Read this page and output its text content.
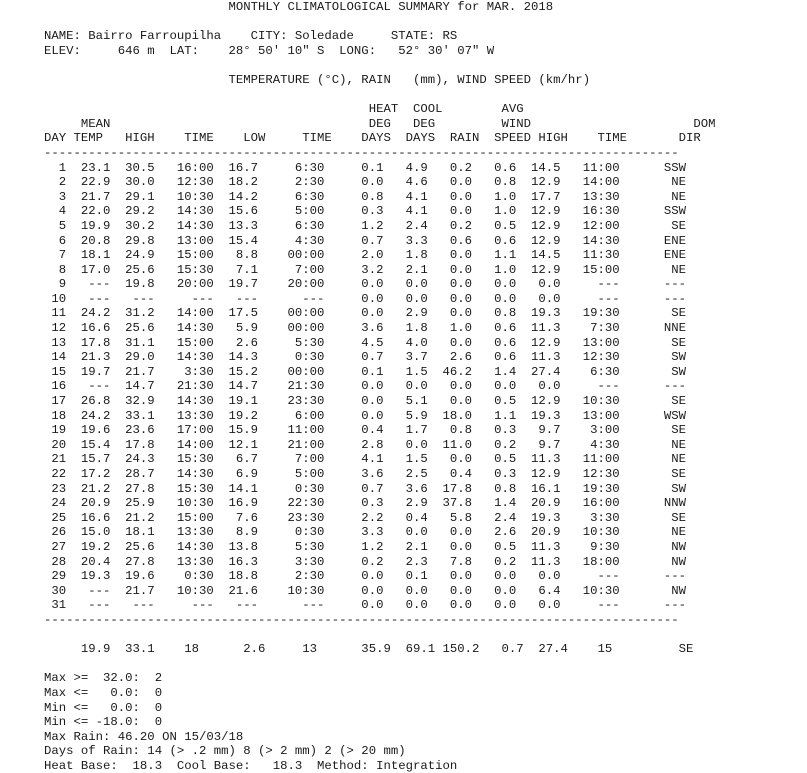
MONTHLY CLIMATOLOGICAL SUMMARY for MAR. 2018

NAME: Bairro Farroupilha    CITY: Soledade     STATE: RS
ELEV:     646 m  LAT:    28° 50' 10" S  LONG:   52° 30' 07" W

TEMPERATURE (°C), RAIN   (mm), WIND SPEED (km/hr)

HEAT  COOL        AVG
MEAN                                   DEG   DEG         WIND                      DOM
DAY TEMP   HIGH    TIME    LOW     TIME    DAYS  DAYS  RAIN  SPEED HIGH    TIME       DIR
--------------------------------------------------------------------------------------
1  23.1  30.5   16:00  16.7     6:30     0.1   4.9   0.2   0.6  14.5   11:00      SSW
2  22.9  30.0   12:30  18.2     2:30     0.0   4.6   0.0   0.8  12.9   14:00       NE
3  21.7  29.1   10:30  14.2     6:30     0.8   4.1   0.0   1.0  17.7   13:30       NE
4  22.0  29.2   14:30  15.6     5:00     0.3   4.1   0.0   1.0  12.9   16:30      SSW
5  19.9  30.2   14:30  13.3     6:30     1.2   2.4   0.2   0.5  12.9   12:00       SE
6  20.8  29.8   13:00  15.4     4:30     0.7   3.3   0.6   0.6  12.9   14:30      ENE
7  18.1  24.9   15:00   8.8    00:00     2.0   1.8   0.0   1.1  14.5   11:30      ENE
8  17.0  25.6   15:30   7.1     7:00     3.2   2.1   0.0   1.0  12.9   15:00       NE
9   ---  19.8   20:00  19.7    20:00     0.0   0.0   0.0   0.0   0.0     ---      ---
10   ---   ---     ---   ---      ---     0.0   0.0   0.0   0.0   0.0     ---      ---
11  24.2  31.2   14:00  17.5    00:00     0.0   2.9   0.0   0.8  19.3   19:30       SE
12  16.6  25.6   14:30   5.9    00:00     3.6   1.8   1.0   0.6  11.3    7:30      NNE
13  17.8  31.1   15:00   2.6     5:30     4.5   4.0   0.0   0.6  12.9   13:00       SE
14  21.3  29.0   14:30  14.3     0:30     0.7   3.7   2.6   0.6  11.3   12:30       SW
15  19.7  21.7    3:30  15.2    00:00     0.1   1.5  46.2   1.4  27.4    6:30       SW
16   ---  14.7   21:30  14.7    21:30     0.0   0.0   0.0   0.0   0.0     ---      ---
17  26.8  32.9   14:30  19.1    23:30     0.0   5.1   0.0   0.5  12.9   10:30       SE
18  24.2  33.1   13:30  19.2     6:00     0.0   5.9  18.0   1.1  19.3   13:00      WSW
19  19.6  23.6   17:00  15.9    11:00     0.4   1.7   0.8   0.3   9.7    3:00       SE
20  15.4  17.8   14:00  12.1    21:00     2.8   0.0  11.0   0.2   9.7    4:30       NE
21  15.7  24.3   15:30   6.7     7:00     4.1   1.5   0.0   0.5  11.3   11:00       NE
22  17.2  28.7   14:30   6.9     5:00     3.6   2.5   0.4   0.3  12.9   12:30       SE
23  21.2  27.8   15:30  14.1     0:30     0.7   3.6  17.8   0.8  16.1   19:30       SW
24  20.9  25.9   10:30  16.9    22:30     0.3   2.9  37.8   1.4  20.9   16:00      NNW
25  16.6  21.2   15:00   7.6    23:30     2.2   0.4   5.8   2.4  19.3    3:30       SE
26  15.0  18.1   13:30   8.9     0:30     3.3   0.0   0.0   2.6  20.9   10:30       NE
27  19.2  25.6   14:30  13.8     5:30     1.2   2.1   0.0   0.5  11.3    9:30       NW
28  20.4  27.8   13:30  16.3     3:30     0.2   2.3   7.8   0.2  11.3   18:00       NW
29  19.3  19.6    0:30  18.8     2:30     0.0   0.1   0.0   0.0   0.0     ---      ---
30   ---  21.7   10:30  21.6    10:30     0.0   0.0   0.0   0.0   6.4   10:30       NW
31   ---   ---     ---   ---      ---     0.0   0.0   0.0   0.0   0.0     ---      ---
--------------------------------------------------------------------------------------

19.9  33.1    18      2.6     13      35.9  69.1 150.2   0.7  27.4    15         SE

Max >=  32.0:  2
Max <=   0.0:  0
Min <=   0.0:  0
Min <= -18.0:  0
Max Rain: 46.20 ON 15/03/18
Days of Rain: 14 (> .2 mm) 8 (> 2 mm) 2 (> 20 mm)
Heat Base:  18.3  Cool Base:   18.3  Method: Integration
